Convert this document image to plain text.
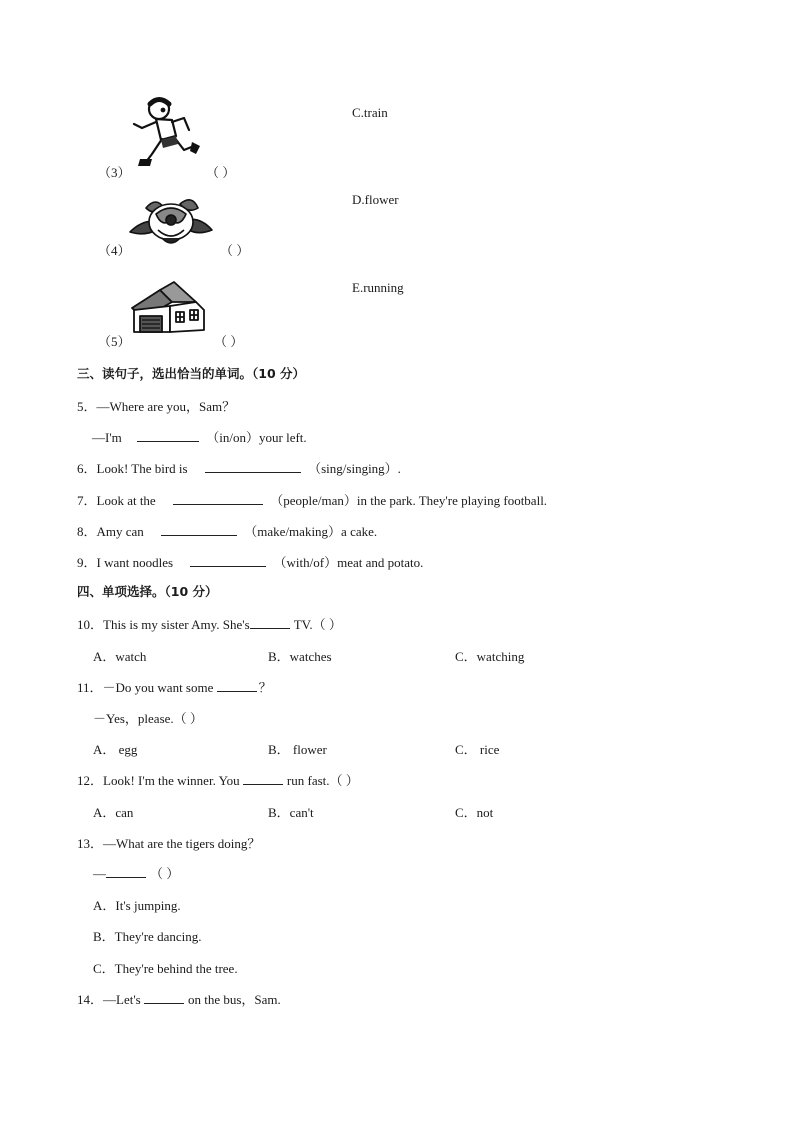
（3）	（ ）
C.train
（4）	（ ）
D.flower
（5）	（ ）
E.running
三、读句子，选出恰当的单词。（10 分）
5．—Where are you，Sam？
—I'm	（in/on）your left.
6．Look! The bird is	（sing/singing）.
7．Look at the	（people/man）in the park. They're playing football.
8．Amy can	（make/making）a cake.
9．I want noodles	（with/of）meat and potato.
四、单项选择。（10 分）
10．This is my sister Amy. She's	TV.（ ）
A．watch	B．watches	C．watching
11．－Do you want some	？
－Yes，please.（ ）
A． egg	B． flower	C． rice
12．Look! I'm the winner. You	run fast.（ ）
A．can	B．can't	C．not
13．—What are the tigers doing？
—	（ ）
A．It's jumping.
B．They're dancing.
C．They're behind the tree.
14．—Let's	on the bus，Sam.
